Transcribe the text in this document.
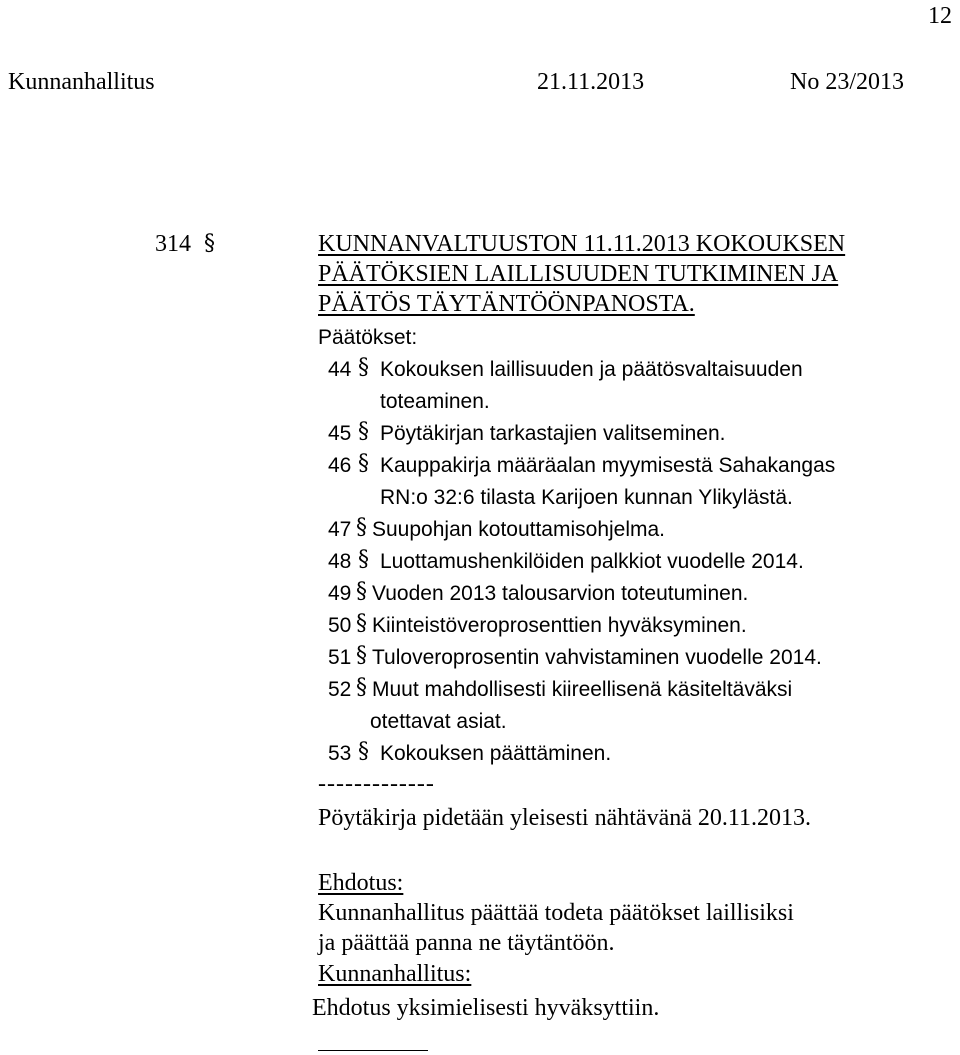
12
Kunnanhallitus	21.11.2013	No 23/2013
314 §	KUNNANVALTUUSTON 11.11.2013 KOKOUKSEN
PÄÄTÖKSIEN LAILLISUUDEN TUTKIMINEN JA
PÄÄTÖS TÄYTÄNTÖÖNPANOSTA.
Päätökset:
44 § Kokouksen laillisuuden ja päätösvaltaisuuden
toteaminen.
45 § Pöytäkirjan tarkastajien valitseminen.
46 § Kauppakirja määräalan myymisestä Sahakangas
RN:o 32:6 tilasta Karijoen kunnan Ylikylästä.
47 § Suupohjan kotouttamisohjelma.
48 § Luottamushenkilöiden palkkiot vuodelle 2014.
49 § Vuoden 2013 talousarvion toteutuminen.
50 § Kiinteistöveroprosenttien hyväksyminen.
51 § Tuloveroprosentin vahvistaminen vuodelle 2014.
52 § Muut mahdollisesti kiireellisenä käsiteltäväksi
otettavat asiat.
53 § Kokouksen päättäminen.
-------------
Pöytäkirja pidetään yleisesti nähtävänä 20.11.2013.
Ehdotus:
Kunnanhallitus päättää todeta päätökset laillisiksi
ja päättää panna ne täytäntöön.
Kunnanhallitus:
Ehdotus yksimielisesti hyväksyttiin.
